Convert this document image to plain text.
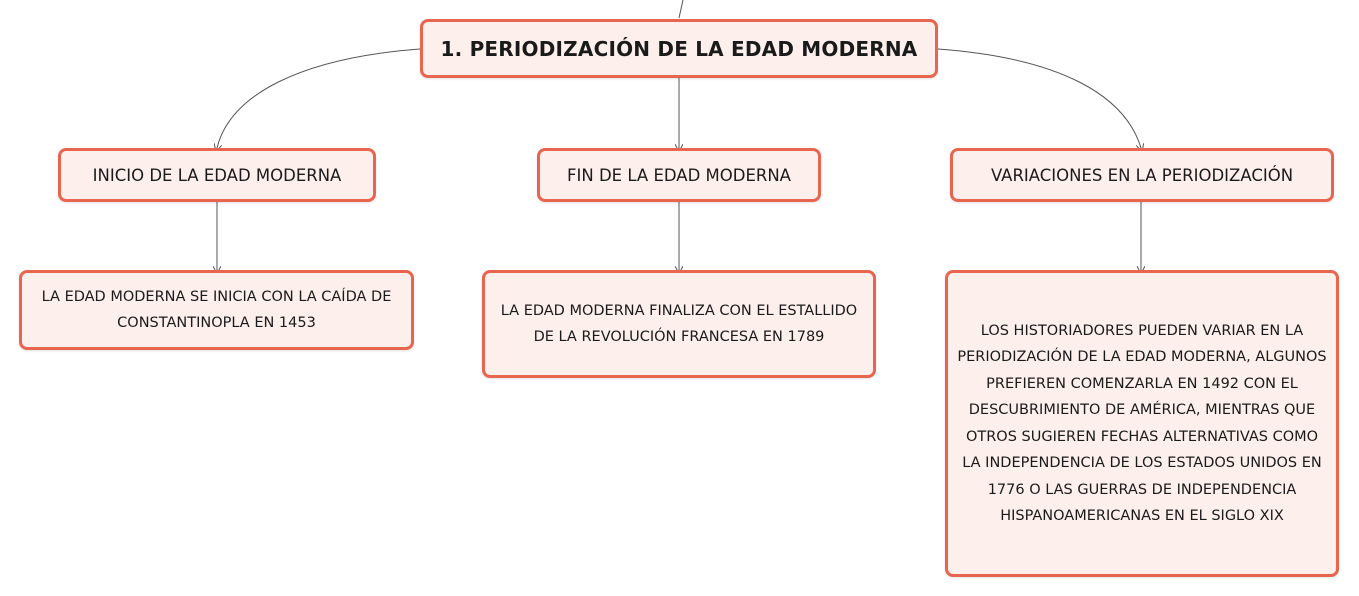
1. PERIODIZACIÓN DE LA EDAD MODERNA
INICIO DE LA EDAD MODERNA	FIN DE LA EDAD MODERNA	VARIACIONES EN LA PERIODIZACIÓN
LA EDAD MODERNA SE INICIA CON LA CAÍDA DE CONSTANTINOPLA EN 1453
LA EDAD MODERNA FINALIZA CON EL ESTALLIDO DE LA REVOLUCIÓN FRANCESA EN 1789	LOS HISTORIADORES PUEDEN VARIAR EN LA PERIODIZACIÓN DE LA EDAD MODERNA, ALGUNOS PREFIEREN COMENZARLA EN 1492 CON EL DESCUBRIMIENTO DE AMÉRICA, MIENTRAS QUE OTROS SUGIEREN FECHAS ALTERNATIVAS COMO LA INDEPENDENCIA DE LOS ESTADOS UNIDOS EN 1776 O LAS GUERRAS DE INDEPENDENCIA HISPANOAMERICANAS EN EL SIGLO XIX
